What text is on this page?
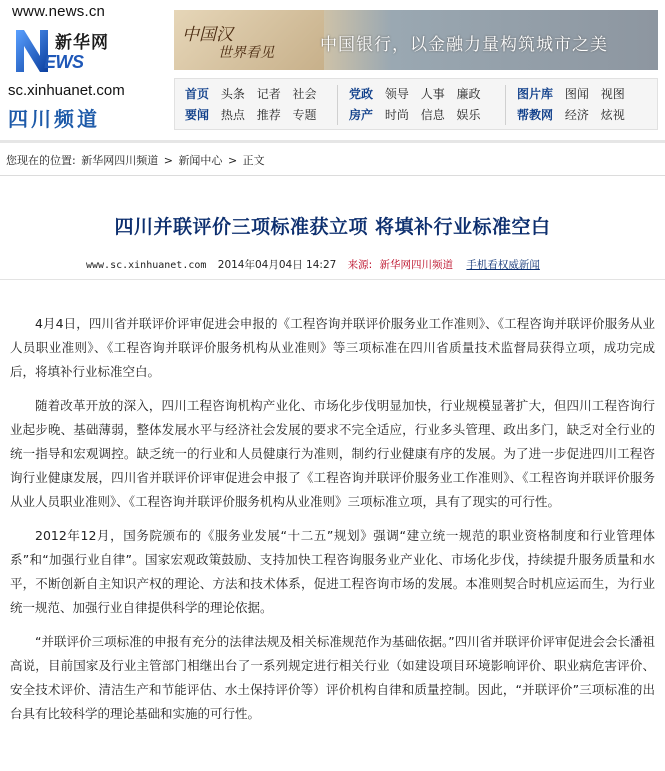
www.news.cn
新华网
EWS
sc.xinhuanet.com
四川频道
中国汉
世界看见	中国银行，以金融力量构筑城市之美
首页 头条 记者 社会
要闻 热点 推荐 专题
党政 领导 人事 廉政
房产 时尚 信息 娱乐
图片库 图闻 视图
帮教网 经济 炫视
您现在的位置: 新华网四川频道 > 新闻中心 > 正文
四川并联评价三项标准获立项 将填补行业标准空白
www.sc.xinhuanet.com 2014年04月04日 14:27 来源: 新华网四川频道 手机看权威新闻

4月4日，四川省并联评价评审促进会申报的《工程咨询并联评价服务业工作准则》、《工程咨询并联评价服务从业人员职业准则》、《工程咨询并联评价服务机构从业准则》等三项标准在四川省质量技术监督局获得立项，成功完成后，将填补行业标准空白。

随着改革开放的深入，四川工程咨询机构产业化、市场化步伐明显加快，行业规模显著扩大，但四川工程咨询行业起步晚、基础薄弱，整体发展水平与经济社会发展的要求不完全适应，行业多头管理、政出多门，缺乏对全行业的统一指导和宏观调控。缺乏统一的行业和人员健康行为准则，制约行业健康有序的发展。为了进一步促进四川工程咨询行业健康发展，四川省并联评价评审促进会申报了《工程咨询并联评价服务业工作准则》、《工程咨询并联评价服务从业人员职业准则》、《工程咨询并联评价服务机构从业准则》三项标准立项，具有了现实的可行性。

2012年12月，国务院颁布的《服务业发展“十二五”规划》强调“建立统一规范的职业资格制度和行业管理体系”和“加强行业自律”。国家宏观政策鼓励、支持加快工程咨询服务业产业化、市场化步伐，持续提升服务质量和水平，不断创新自主知识产权的理论、方法和技术体系，促进工程咨询市场的发展。本准则契合时机应运而生，为行业统一规范、加强行业自律提供科学的理论依据。

“并联评价三项标准的申报有充分的法律法规及相关标准规范作为基础依据。”四川省并联评价评审促进会会长潘祖高说，目前国家及行业主管部门相继出台了一系列规定进行相关行业（如建设项目环境影响评价、职业病危害评价、安全技术评价、清洁生产和节能评估、水土保持评价等）评价机构自律和质量控制。因此，“并联评价”三项标准的出台具有比较科学的理论基础和实施的可行性。
